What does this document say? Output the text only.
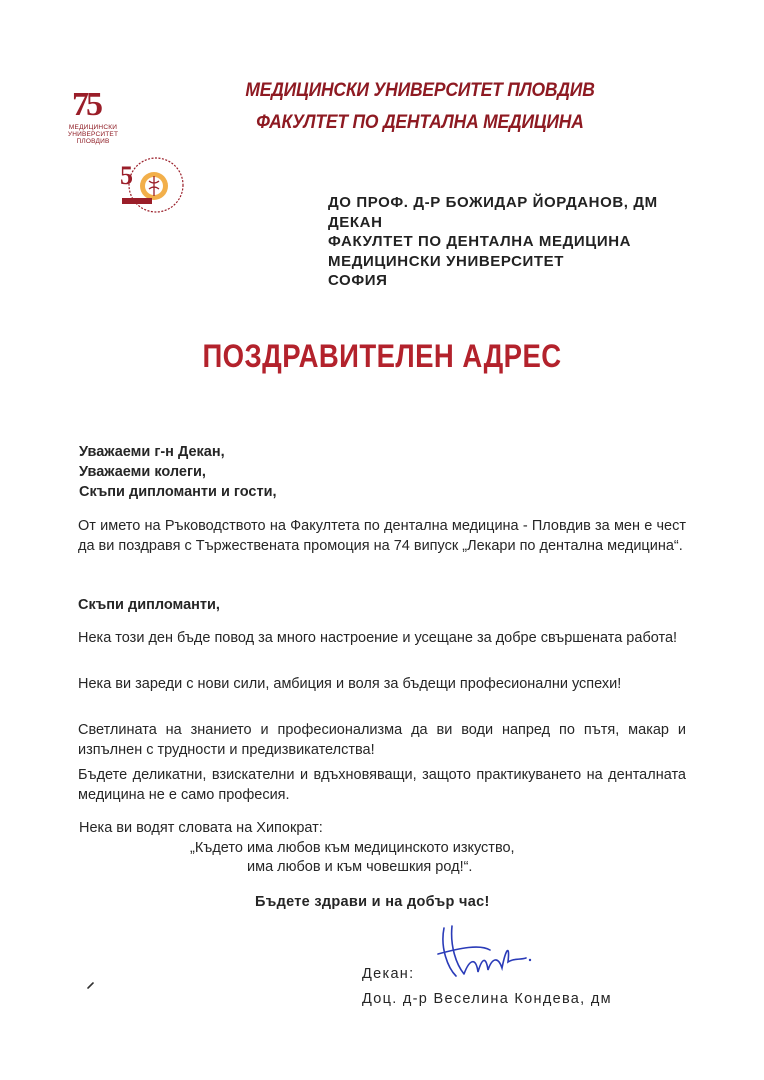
МЕДИЦИНСКИ УНИВЕРСИТЕТ ПЛОВДИВ
ФАКУЛТЕТ ПО ДЕНТАЛНА МЕДИЦИНА
75
МЕДИЦИНСКИ
УНИВЕРСИТЕТ
ПЛОВДИВ
5
ДО ПРОФ. Д-Р БОЖИДАР ЙОРДАНОВ, ДМ
ДЕКАН
ФАКУЛТЕТ ПО ДЕНТАЛНА МЕДИЦИНА
МЕДИЦИНСКИ УНИВЕРСИТЕТ
СОФИЯ
ПОЗДРАВИТЕЛЕН АДРЕС
Уважаеми г-н Декан,
Уважаеми колеги,
Скъпи дипломанти и гости,
От името на Ръководството на Факултета по дентална медицина - Пловдив за мен е чест да ви поздравя с Тържествената промоция на 74 випуск „Лекари по дентална медицина“.
Скъпи дипломанти,
Нека този ден бъде повод за много настроение и усещане за добре свършената работа!
Нека ви зареди с нови сили, амбиция и воля за бъдещи професионални успехи!
Светлината на знанието и професионализма да ви води напред по пътя, макар и изпълнен с трудности и предизвикателства!
Бъдете деликатни, взискателни и вдъхновяващи, защото практикуването на денталната медицина не е само професия.
Нека ви водят словата на Хипократ:
„Където има любов към медицинското изкуство,
има любов и към човешкия род!“.
Бъдете здрави и на добър час!
Декан:
Доц. д-р Веселина Кондева, дм
